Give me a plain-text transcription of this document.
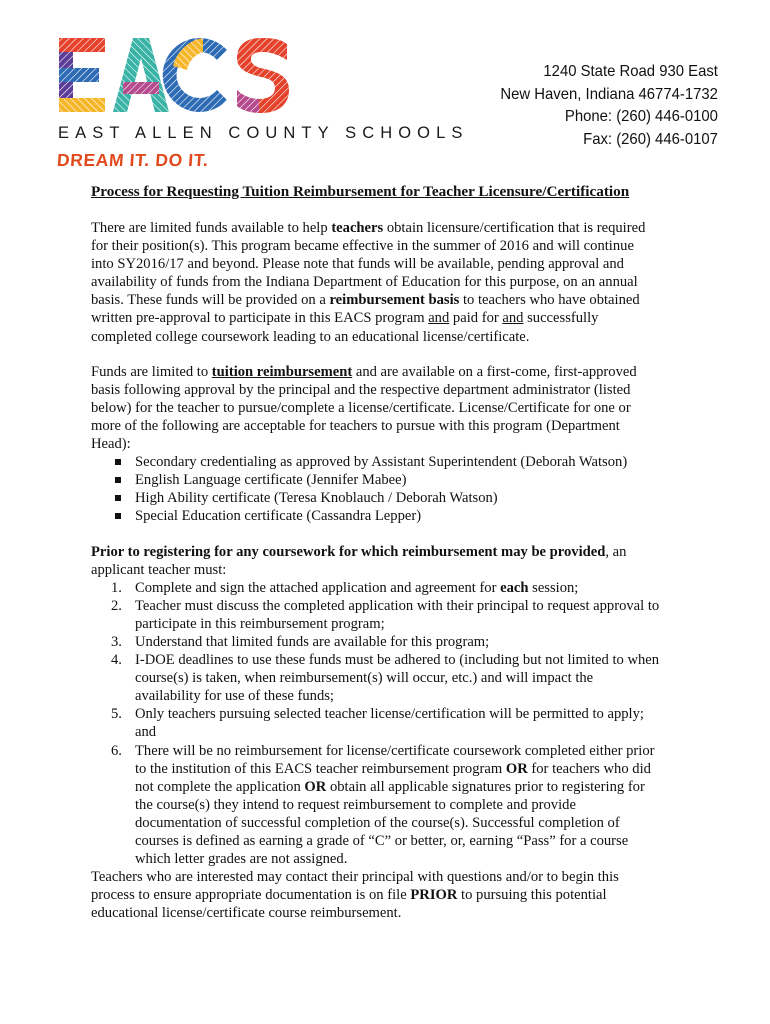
EAST ALLEN COUNTY SCHOOLS
DREAM IT. DO IT.
1240 State Road 930 East
New Haven, Indiana 46774-1732
Phone: (260) 446-0100
Fax: (260) 446-0107
Process for Requesting Tuition Reimbursement for Teacher Licensure/Certification

There are limited funds available to help teachers obtain licensure/certification that is required
for their position(s). This program became effective in the summer of 2016 and will continue
into SY2016/17 and beyond. Please note that funds will be available, pending approval and
availability of funds from the Indiana Department of Education for this purpose, on an annual
basis. These funds will be provided on a reimbursement basis to teachers who have obtained
written pre-approval to participate in this EACS program and paid for and successfully
completed college coursework leading to an educational license/certificate.

Funds are limited to tuition reimbursement and are available on a first-come, first-approved
basis following approval by the principal and the respective department administrator (listed
below) for the teacher to pursue/complete a license/certificate. License/Certificate for one or
more of the following are acceptable for teachers to pursue with this program (Department
Head):

Secondary credentialing as approved by Assistant Superintendent (Deborah Watson)
English Language certificate (Jennifer Mabee)
High Ability certificate (Teresa Knoblauch / Deborah Watson)
Special Education certificate (Cassandra Lepper)

Prior to registering for any coursework for which reimbursement may be provided, an
applicant teacher must:

1. Complete and sign the attached application and agreement for each session;
2. Teacher must discuss the completed application with their principal to request approval to
participate in this reimbursement program;
3. Understand that limited funds are available for this program;
4. I-DOE deadlines to use these funds must be adhered to (including but not limited to when
course(s) is taken, when reimbursement(s) will occur, etc.) and will impact the
availability for use of these funds;
5. Only teachers pursuing selected teacher license/certification will be permitted to apply;
and
6. There will be no reimbursement for license/certificate coursework completed either prior
to the institution of this EACS teacher reimbursement program OR for teachers who did
not complete the application OR obtain all applicable signatures prior to registering for
the course(s) they intend to request reimbursement to complete and provide
documentation of successful completion of the course(s). Successful completion of
courses is defined as earning a grade of “C” or better, or, earning “Pass” for a course
which letter grades are not assigned.

Teachers who are interested may contact their principal with questions and/or to begin this
process to ensure appropriate documentation is on file PRIOR to pursuing this potential
educational license/certificate course reimbursement.
